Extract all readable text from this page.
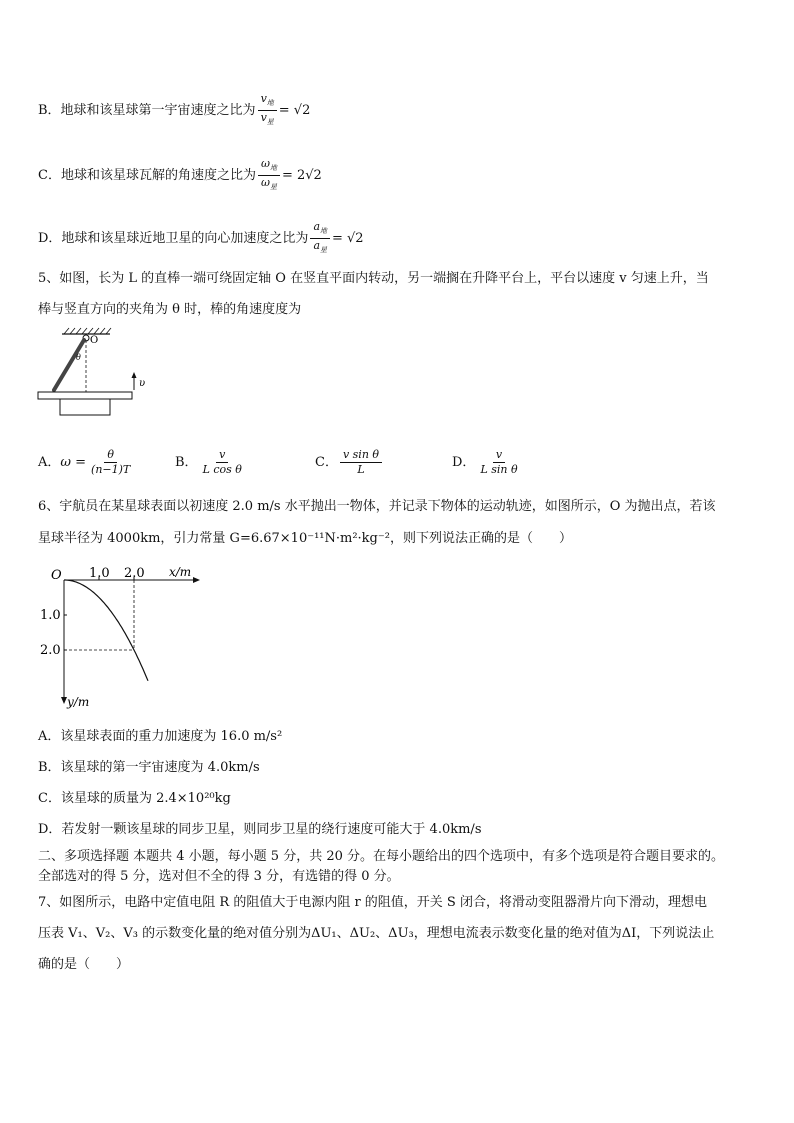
B．地球和该星球第一宇宙速度之比为 $\frac{v_地}{v_星} = √2$
C．地球和该星球瓦解的角速度之比为 $\frac{\omega_地}{\omega_星} = 2√2$
D．地球和该星球近地卫星的向心加速度之比为 $\frac{a_地}{a_星} = √2$
5、如图，长为 L 的直棒一端可绕固定轴 O 在竖直平面内转动，另一端搁在升降平台上，平台以速度 v 匀速上升，当
棒与竖直方向的夹角为 θ 时，棒的角速度度为
O
θ
υ
A．$\omega = \frac{\theta}{(n-1)T}$	B． $\frac{v}{\text{L cos θ}}$	C． $\frac{\text{v sin θ}}{L}$	D． $\frac{v}{\text{L sin θ}}$
6、宇航员在某星球表面以初速度 2.0 m/s 水平抛出一物体，并记录下物体的运动轨迹，如图所示，O 为抛出点，若该
星球半径为 4000km，引力常量 G=6.67×10⁻¹¹N·m²·kg⁻²，则下列说法正确的是（　　）
O	x/m
y/m
1.0 2.0
1.0
2.0
A．该星球表面的重力加速度为 16.0 m/s²
B．该星球的第一宇宙速度为 4.0km/s
C．该星球的质量为 2.4×10²⁰kg
D．若发射一颗该星球的同步卫星，则同步卫星的绕行速度可能大于 4.0km/s
二、多项选择题 本题共 4 小题，每小题 5 分，共 20 分。在每小题给出的四个选项中，有多个选项是符合题目要求的。
全部选对的得 5 分，选对但不全的得 3 分，有选错的得 0 分。
7、如图所示，电路中定值电阻 R 的阻值大于电源内阻 r 的阻值，开关 S 闭合，将滑动变阻器滑片向下滑动，理想电
压表 V₁、V₂、V₃ 的示数变化量的绝对值分别为ΔU₁、ΔU₂、ΔU₃，理想电流表示数变化量的绝对值为ΔI，下列说法止
确的是（　　）
